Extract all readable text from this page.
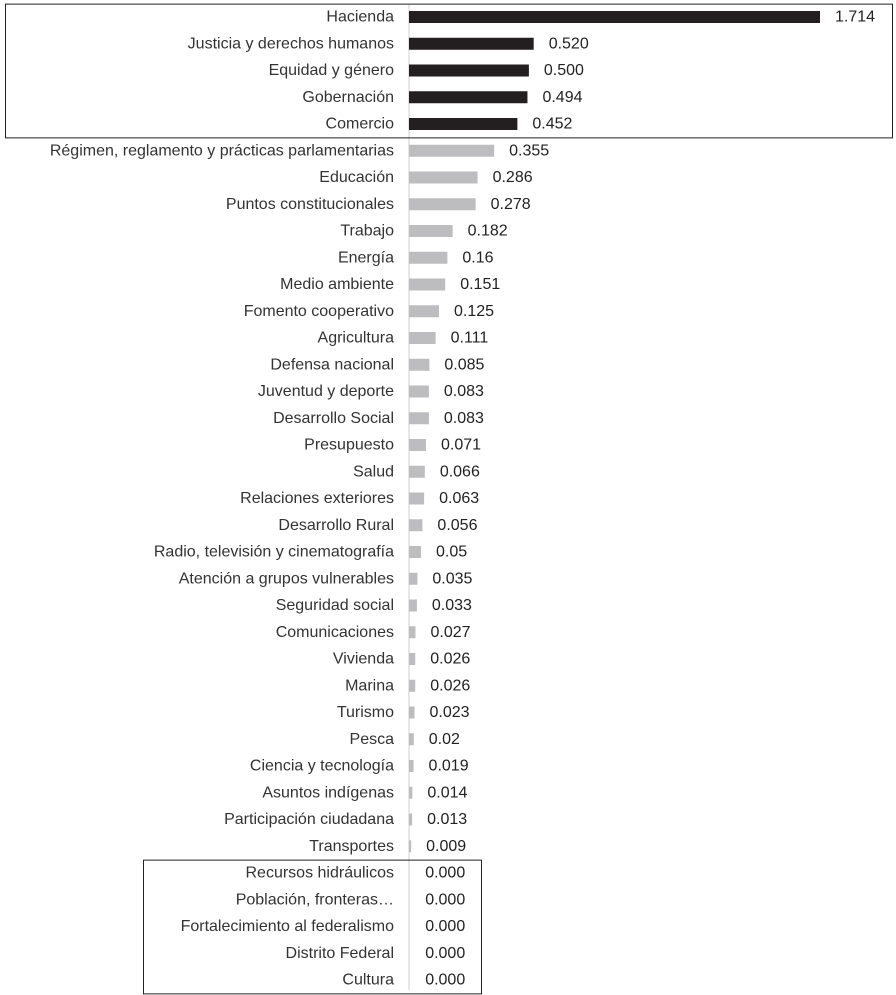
Hacienda
Justicia y derechos humanos
Equidad y género
Gobernación
Comercio
Régimen, reglamento y prácticas parlamentarias
Educación
Puntos constitucionales
Trabajo
Energía
Medio ambiente
Fomento cooperativo
Agricultura
Defensa nacional
Juventud y deporte
Desarrollo Social
Presupuesto
Salud
Relaciones exteriores
Desarrollo Rural
Radio, televisión y cinematografía
Atención a grupos vulnerables
Seguridad social
Comunicaciones
Vivienda
Marina
Turismo
Pesca
Ciencia y tecnología
Asuntos indígenas
Participación ciudadana
Transportes
Recursos hidráulicos
Población, fronteras…
Fortalecimiento al federalismo
Distrito Federal
Cultura
1.714
0.520
0.500
0.494
0.452
0.355
0.286
0.278
0.182
0.16
0.151
0.125
0.111
0.085
0.083
0.083
0.071
0.066
0.063
0.056
0.05
0.035
0.033
0.027
0.026
0.026
0.023
0.02
0.019
0.014
0.013
0.009
0.000
0.000
0.000
0.000
0.000
